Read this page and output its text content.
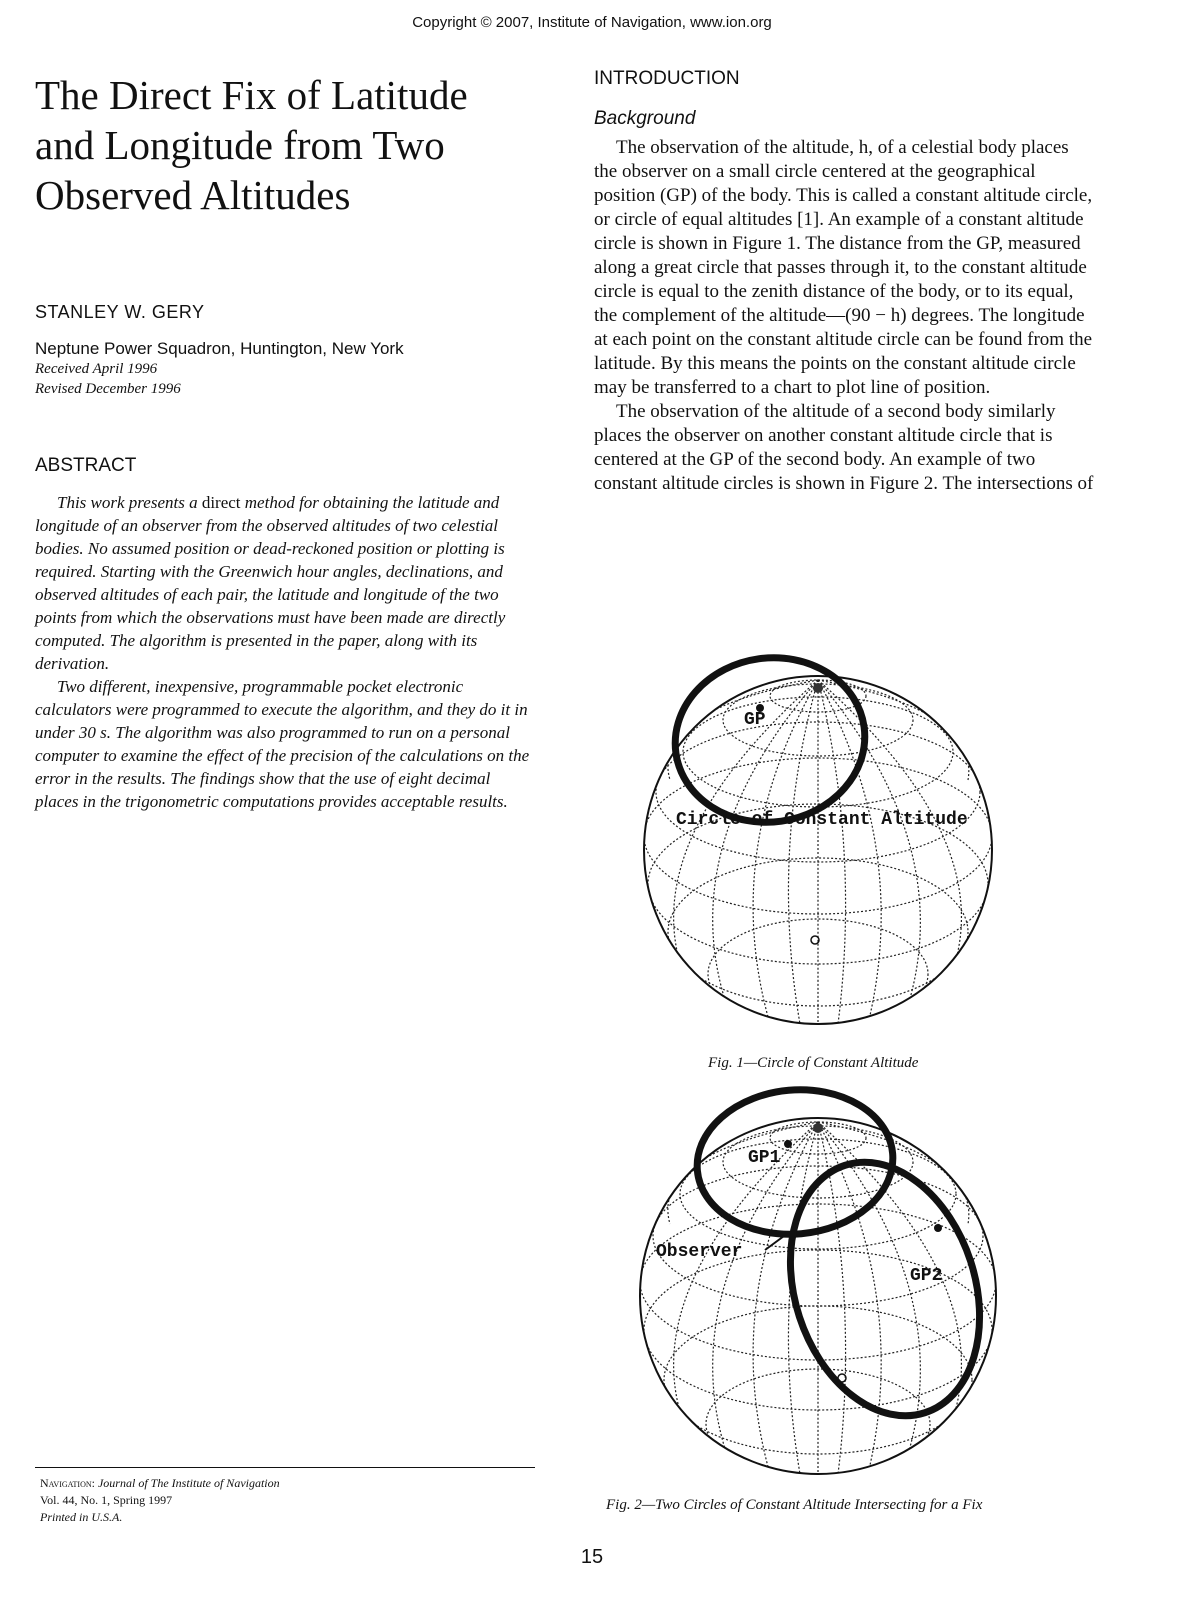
Copyright © 2007, Institute of Navigation, www.ion.org
The Direct Fix of Latitude and Longitude from Two Observed Altitudes
STANLEY W. GERY
Neptune Power Squadron, Huntington, New York
Received April 1996
Revised December 1996
ABSTRACT

This work presents a direct method for obtaining the latitude and longitude of an observer from the observed altitudes of two celestial bodies. No assumed position or dead-reckoned position or plotting is required. Starting with the Greenwich hour angles, declinations, and observed altitudes of each pair, the latitude and longitude of the two points from which the observations must have been made are directly computed. The algorithm is presented in the paper, along with its derivation.

Two different, inexpensive, programmable pocket electronic calculators were programmed to execute the algorithm, and they do it in under 30 s. The algorithm was also programmed to run on a personal computer to examine the effect of the precision of the calculations on the error in the results. The findings show that the use of eight decimal places in the trigonometric computations provides acceptable results.

Navigation: Journal of The Institute of Navigation
Vol. 44, No. 1, Spring 1997
Printed in U.S.A.
INTRODUCTION
Background

The observation of the altitude, h, of a celestial body places the observer on a small circle centered at the geographical position (GP) of the body. This is called a constant altitude circle, or circle of equal altitudes [1]. An example of a constant altitude circle is shown in Figure 1. The distance from the GP, measured along a great circle that passes through it, to the constant altitude circle is equal to the zenith distance of the body, or to its equal, the complement of the altitude—(90 − h) degrees. The longitude at each point on the constant altitude circle can be found from the latitude. By this means the points on the constant altitude circle may be transferred to a chart to plot line of position.

The observation of the altitude of a second body similarly places the observer on another constant altitude circle that is centered at the GP of the second body. An example of two constant altitude circles is shown in Figure 2. The intersections of

GP
Circle of Constant Altitude
Fig. 1—Circle of Constant Altitude
GP1
GP2
Observer
Fig. 2—Two Circles of Constant Altitude Intersecting for a Fix
15
